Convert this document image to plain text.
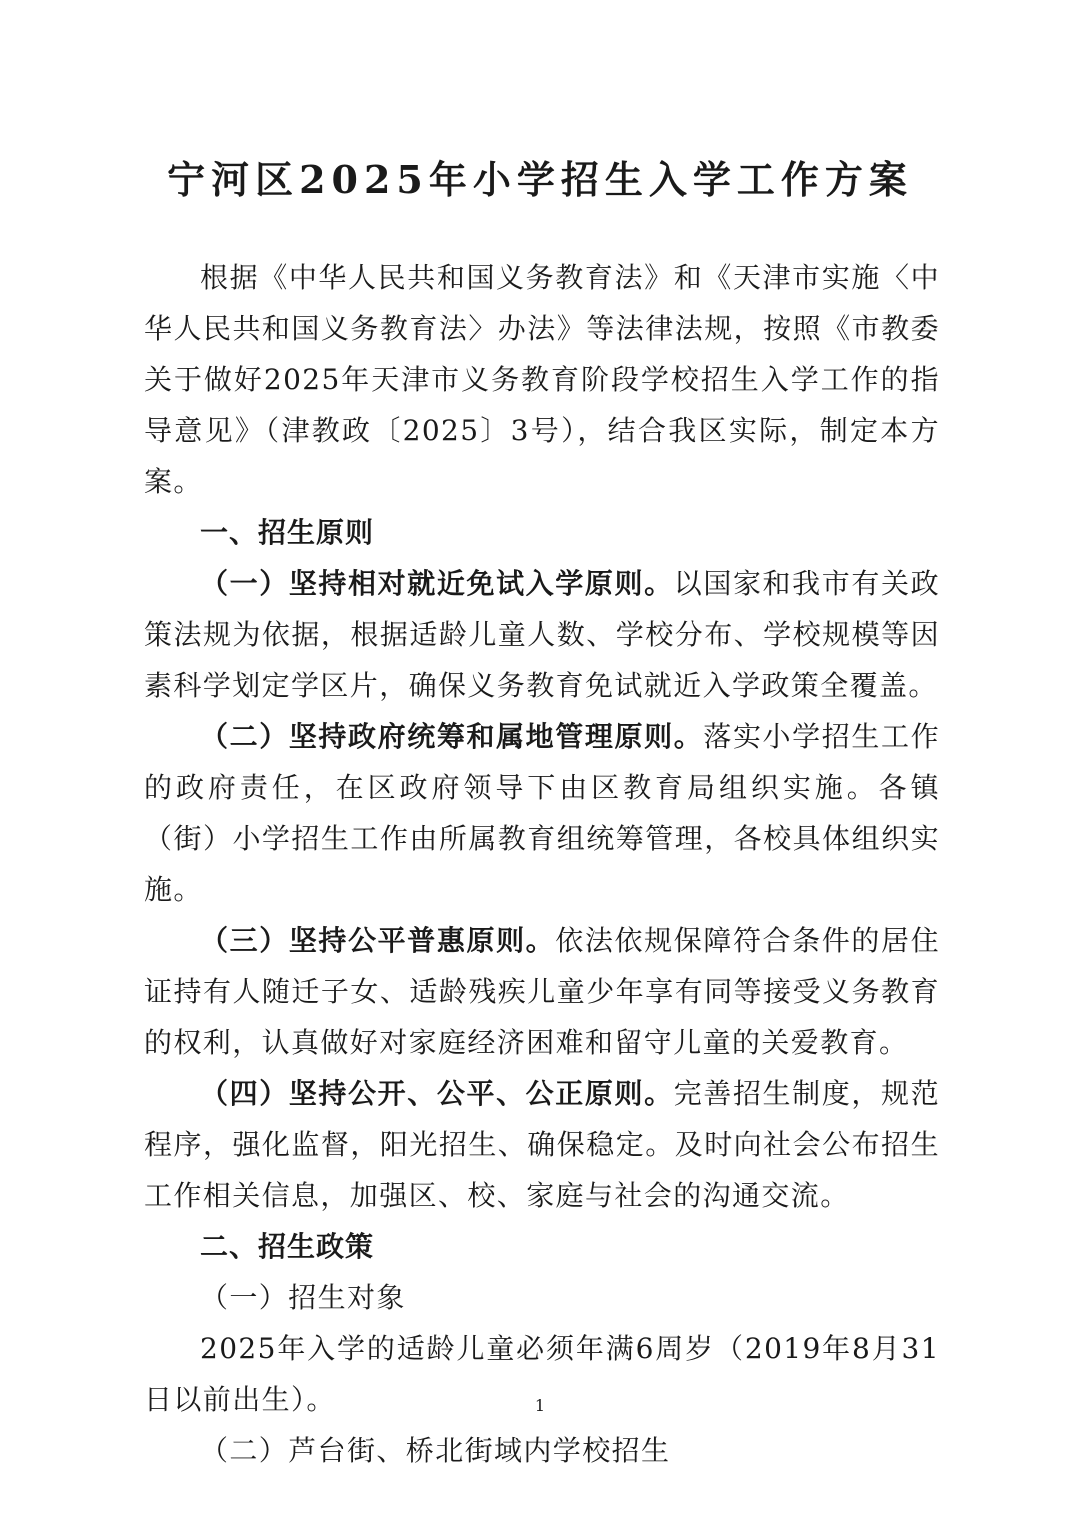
宁河区2025年小学招生入学工作方案

根据《中华人民共和国义务教育法》和《天津市实施〈中华人民共和国义务教育法〉办法》等法律法规，按照《市教委关于做好2025年天津市义务教育阶段学校招生入学工作的指导意见》（津教政〔2025〕3号），结合我区实际，制定本方案。

一、招生原则

（一）坚持相对就近免试入学原则。以国家和我市有关政策法规为依据，根据适龄儿童人数、学校分布、学校规模等因素科学划定学区片，确保义务教育免试就近入学政策全覆盖。

（二）坚持政府统筹和属地管理原则。落实小学招生工作的政府责任，在区政府领导下由区教育局组织实施。各镇（街）小学招生工作由所属教育组统筹管理，各校具体组织实施。

（三）坚持公平普惠原则。依法依规保障符合条件的居住证持有人随迁子女、适龄残疾儿童少年享有同等接受义务教育的权利，认真做好对家庭经济困难和留守儿童的关爱教育。

（四）坚持公开、公平、公正原则。完善招生制度，规范程序，强化监督，阳光招生、确保稳定。及时向社会公布招生工作相关信息，加强区、校、家庭与社会的沟通交流。

二、招生政策

（一）招生对象

2025年入学的适龄儿童必须年满6周岁（2019年8月31日以前出生）。

（二）芦台街、桥北街域内学校招生

1
